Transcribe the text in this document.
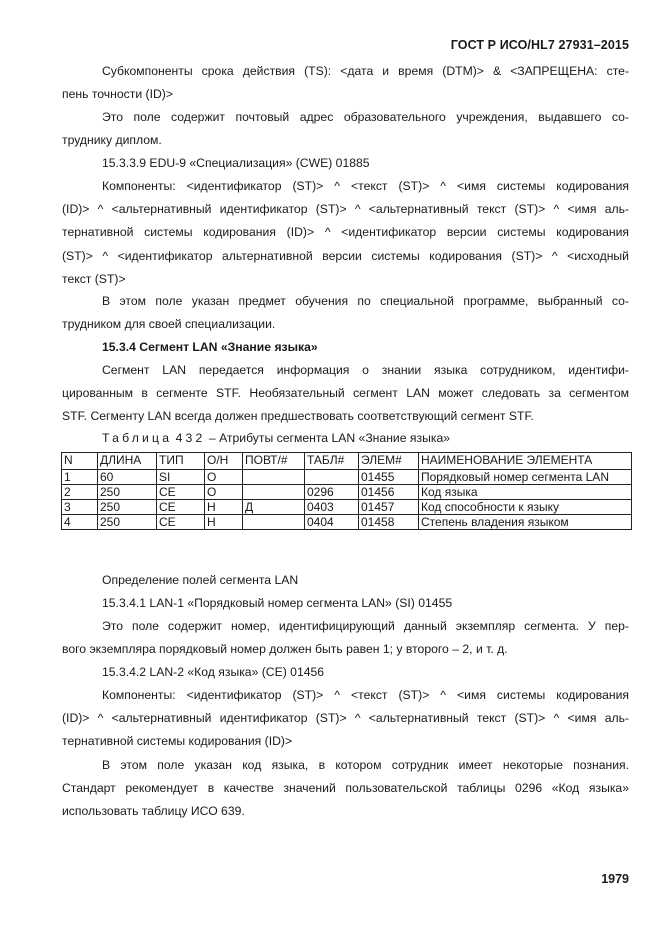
ГОСТ Р ИСО/HL7 27931–2015
Субкомпоненты срока действия (TS): <дата и время (DTM)> & <ЗАПРЕЩЕНА: сте-
пень точности (ID)>
Это поле содержит почтовый адрес образовательного учреждения, выдавшего со-
труднику диплом.
15.3.3.9 EDU-9 «Специализация» (CWE) 01885
Компоненты: <идентификатор (ST)> ^ <текст (ST)> ^ <имя системы кодирования
(ID)> ^ <альтернативный идентификатор (ST)> ^ <альтернативный текст (ST)> ^ <имя аль-
тернативной системы кодирования (ID)> ^ <идентификатор версии системы кодирования
(ST)> ^ <идентификатор альтернативной версии системы кодирования (ST)> ^ <исходный
текст (ST)>
В этом поле указан предмет обучения по специальной программе, выбранный со-
трудником для своей специализации.
15.3.4 Сегмент LAN «Знание языка»
Сегмент LAN передается информация о знании языка сотрудником, идентифи-
цированным в сегменте STF. Необязательный сегмент LAN может следовать за сегментом
STF. Сегменту LAN всегда должен предшествовать соответствующий сегмент STF.
Таблица 432 – Атрибуты сегмента LAN «Знание языка»
N	ДЛИНА	ТИП	О/Н	ПОВТ/#	ТАБЛ#	ЭЛЕМ#	НАИМЕНОВАНИЕ ЭЛЕМЕНТА
1	60	SI	О			01455	Порядковый номер сегмента LAN
2	250	CE	О		0296	01456	Код языка
3	250	CE	Н	Д	0403	01457	Код способности к языку
4	250	CE	Н		0404	01458	Степень владения языком
Определение полей сегмента LAN
15.3.4.1 LAN-1 «Порядковый номер сегмента LAN» (SI) 01455
Это поле содержит номер, идентифицирующий данный экземпляр сегмента. У пер-
вого экземпляра порядковый номер должен быть равен 1; у второго – 2, и т. д.
15.3.4.2 LAN-2 «Код языка» (CE) 01456
Компоненты: <идентификатор (ST)> ^ <текст (ST)> ^ <имя системы кодирования
(ID)> ^ <альтернативный идентификатор (ST)> ^ <альтернативный текст (ST)> ^ <имя аль-
тернативной системы кодирования (ID)>
В этом поле указан код языка, в котором сотрудник имеет некоторые познания.
Стандарт рекомендует в качестве значений пользовательской таблицы 0296 «Код языка»
использовать таблицу ИСО 639.
1979
